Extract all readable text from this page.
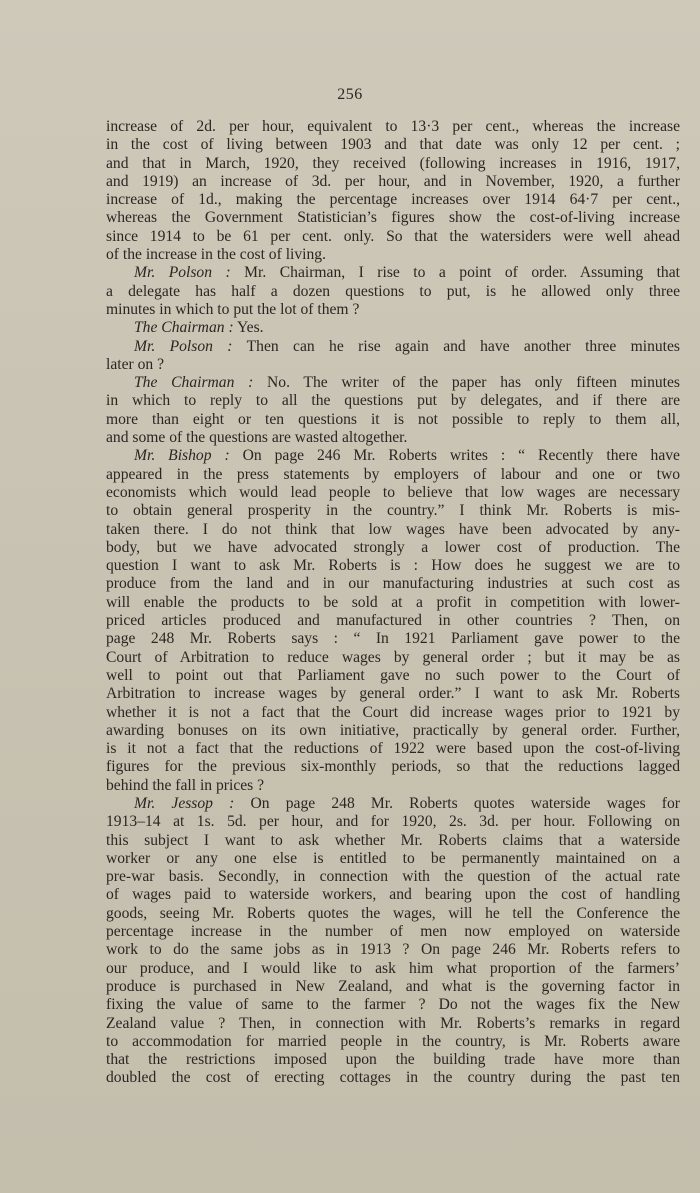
256
increase of 2d. per hour, equivalent to 13·3 per cent., whereas the increase
in the cost of living between 1903 and that date was only 12 per cent. ;
and that in March, 1920, they received (following increases in 1916, 1917,
and 1919) an increase of 3d. per hour, and in November, 1920, a further
increase of 1d., making the percentage increases over 1914 64·7 per cent.,
whereas the Government Statistician’s figures show the cost-of-living increase
since 1914 to be 61 per cent. only. So that the watersiders were well ahead
of the increase in the cost of living.
Mr. Polson : Mr. Chairman, I rise to a point of order. Assuming that
a delegate has half a dozen questions to put, is he allowed only three
minutes in which to put the lot of them ?
The Chairman : Yes.
Mr. Polson : Then can he rise again and have another three minutes
later on ?
The Chairman : No. The writer of the paper has only fifteen minutes
in which to reply to all the questions put by delegates, and if there are
more than eight or ten questions it is not possible to reply to them all,
and some of the questions are wasted altogether.
Mr. Bishop : On page 246 Mr. Roberts writes : “ Recently there have
appeared in the press statements by employers of labour and one or two
economists which would lead people to believe that low wages are necessary
to obtain general prosperity in the country.” I think Mr. Roberts is mis-
taken there. I do not think that low wages have been advocated by any-
body, but we have advocated strongly a lower cost of production. The
question I want to ask Mr. Roberts is : How does he suggest we are to
produce from the land and in our manufacturing industries at such cost as
will enable the products to be sold at a profit in competition with lower-
priced articles produced and manufactured in other countries ? Then, on
page 248 Mr. Roberts says : “ In 1921 Parliament gave power to the
Court of Arbitration to reduce wages by general order ; but it may be as
well to point out that Parliament gave no such power to the Court of
Arbitration to increase wages by general order.” I want to ask Mr. Roberts
whether it is not a fact that the Court did increase wages prior to 1921 by
awarding bonuses on its own initiative, practically by general order. Further,
is it not a fact that the reductions of 1922 were based upon the cost-of-living
figures for the previous six-monthly periods, so that the reductions lagged
behind the fall in prices ?
Mr. Jessop : On page 248 Mr. Roberts quotes waterside wages for
1913–14 at 1s. 5d. per hour, and for 1920, 2s. 3d. per hour. Following on
this subject I want to ask whether Mr. Roberts claims that a waterside
worker or any one else is entitled to be permanently maintained on a
pre-war basis. Secondly, in connection with the question of the actual rate
of wages paid to waterside workers, and bearing upon the cost of handling
goods, seeing Mr. Roberts quotes the wages, will he tell the Conference the
percentage increase in the number of men now employed on waterside
work to do the same jobs as in 1913 ? On page 246 Mr. Roberts refers to
our produce, and I would like to ask him what proportion of the farmers’
produce is purchased in New Zealand, and what is the governing factor in
fixing the value of same to the farmer ? Do not the wages fix the New
Zealand value ? Then, in connection with Mr. Roberts’s remarks in regard
to accommodation for married people in the country, is Mr. Roberts aware
that the restrictions imposed upon the building trade have more than
doubled the cost of erecting cottages in the country during the past ten
